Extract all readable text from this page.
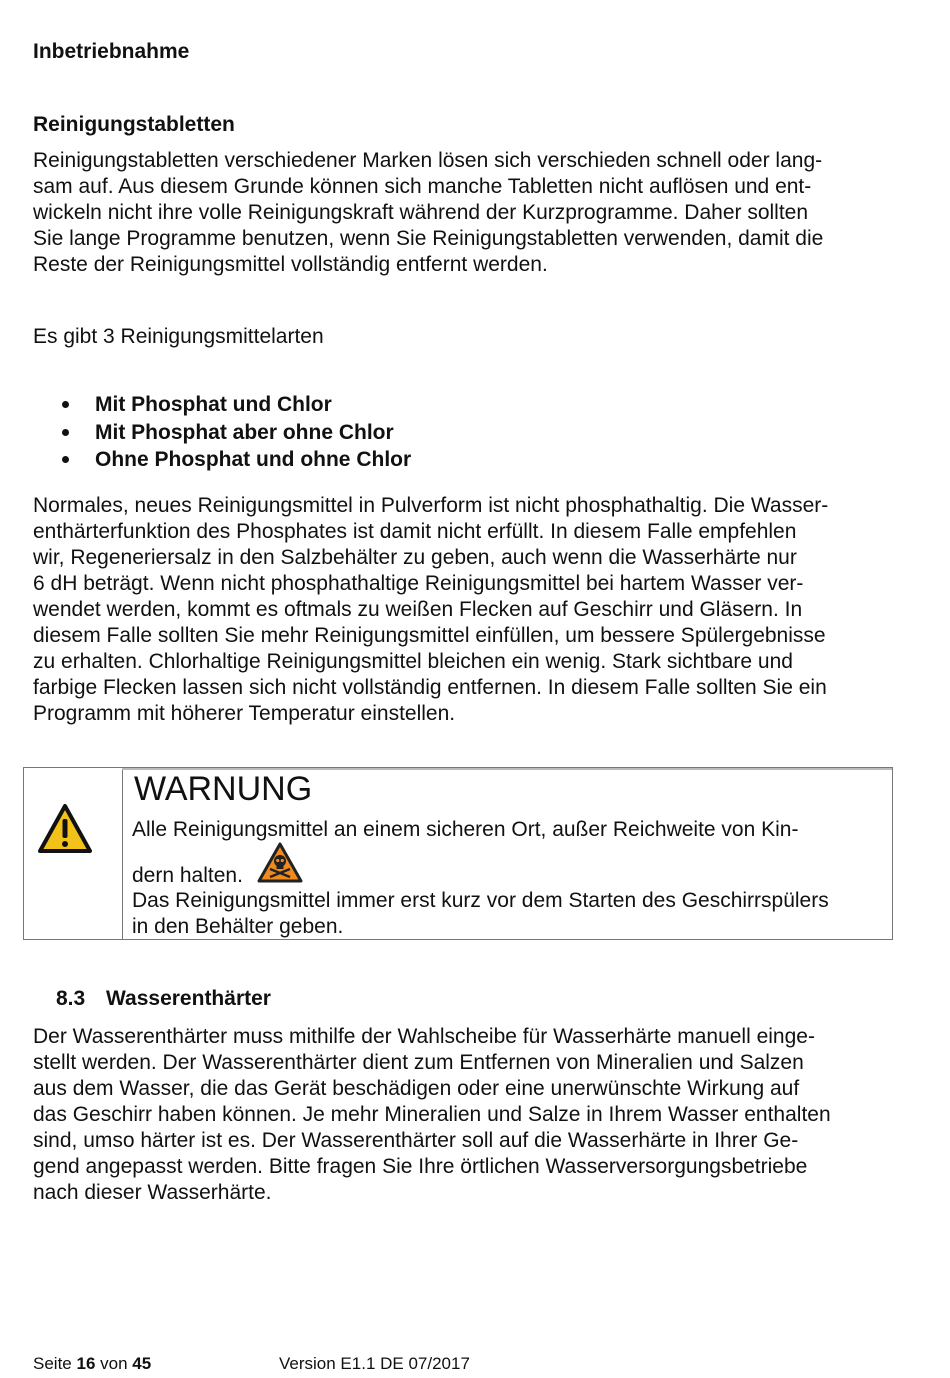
Inbetriebnahme
Reinigungstabletten
Reinigungstabletten verschiedener Marken lösen sich verschieden schnell oder lang-
sam auf. Aus diesem Grunde können sich manche Tabletten nicht auflösen und ent-
wickeln nicht ihre volle Reinigungskraft während der Kurzprogramme. Daher sollten
Sie lange Programme benutzen, wenn Sie Reinigungstabletten verwenden, damit die
Reste der Reinigungsmittel vollständig entfernt werden.
Es gibt 3 Reinigungsmittelarten
Mit Phosphat und Chlor
Mit Phosphat aber ohne Chlor
Ohne Phosphat und ohne Chlor
Normales, neues Reinigungsmittel in Pulverform ist nicht phosphathaltig. Die Wasser-
enthärterfunktion des Phosphates ist damit nicht erfüllt. In diesem Falle empfehlen
wir, Regeneriersalz in den Salzbehälter zu geben, auch wenn die Wasserhärte nur
6 dH beträgt. Wenn nicht phosphathaltige Reinigungsmittel bei hartem Wasser ver-
wendet werden, kommt es oftmals zu weißen Flecken auf Geschirr und Gläsern. In
diesem Falle sollten Sie mehr Reinigungsmittel einfüllen, um bessere Spülergebnisse
zu erhalten. Chlorhaltige Reinigungsmittel bleichen ein wenig. Stark sichtbare und
farbige Flecken lassen sich nicht vollständig entfernen. In diesem Falle sollten Sie ein
Programm mit höherer Temperatur einstellen.
WARNUNG
Alle Reinigungsmittel an einem sicheren Ort, außer Reichweite von Kin-
dern halten.
Das Reinigungsmittel immer erst kurz vor dem Starten des Geschirrspülers
in den Behälter geben.
8.3 Wasserenthärter
Der Wasserenthärter muss mithilfe der Wahlscheibe für Wasserhärte manuell einge-
stellt werden. Der Wasserenthärter dient zum Entfernen von Mineralien und Salzen
aus dem Wasser, die das Gerät beschädigen oder eine unerwünschte Wirkung auf
das Geschirr haben können. Je mehr Mineralien und Salze in Ihrem Wasser enthalten
sind, umso härter ist es. Der Wasserenthärter soll auf die Wasserhärte in Ihrer Ge-
gend angepasst werden. Bitte fragen Sie Ihre örtlichen Wasserversorgungsbetriebe
nach dieser Wasserhärte.
Seite 16 von 45	Version E1.1 DE 07/2017
